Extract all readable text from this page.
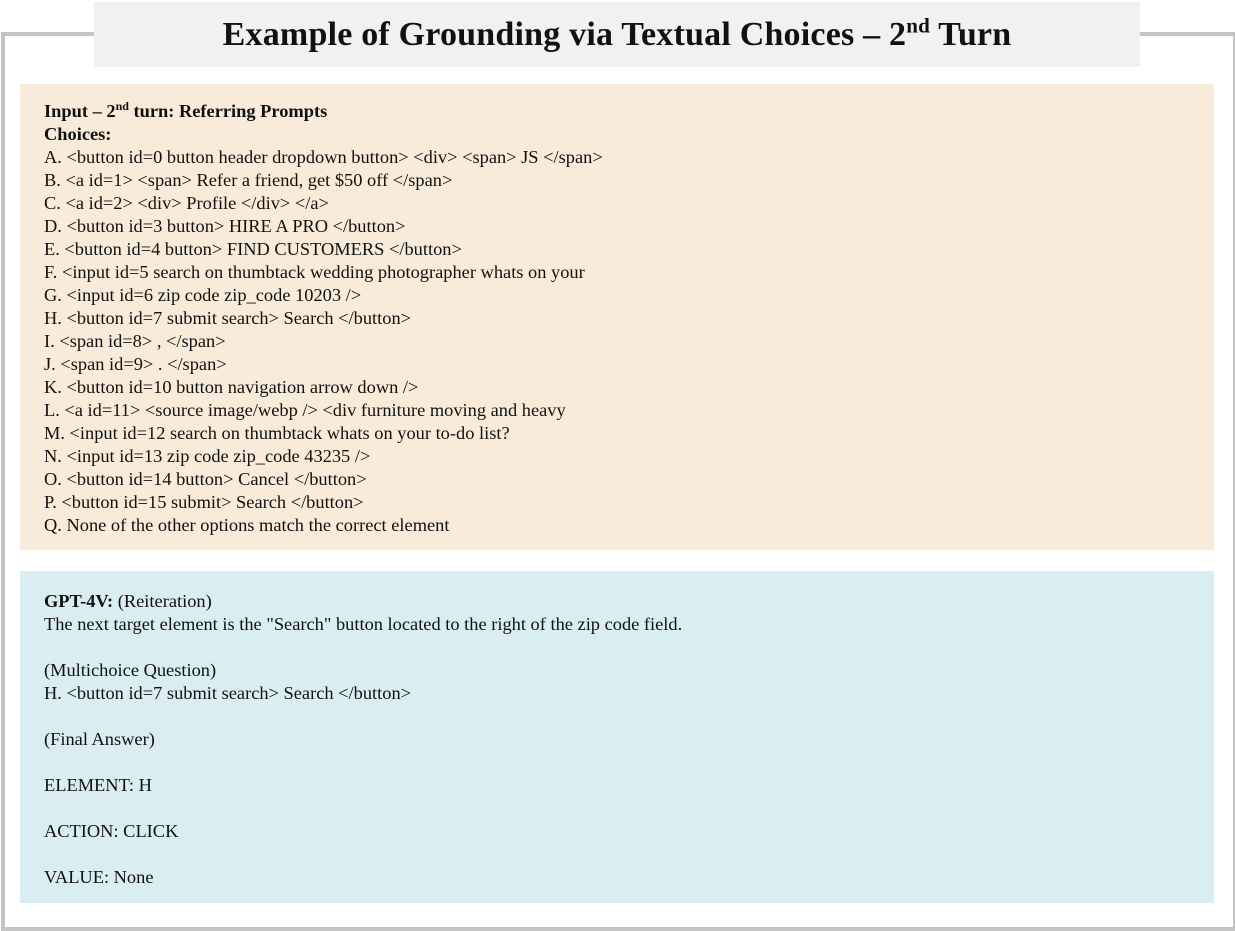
Example of Grounding via Textual Choices – 2nd Turn

Input – 2nd turn: Referring Prompts

Choices:

A. <button id=0 button header dropdown button> <div> <span> JS </span>

B. <a id=1> <span> Refer a friend, get $50 off </span>

C. <a id=2> <div> Profile </div> </a>

D. <button id=3 button> HIRE A PRO </button>

E. <button id=4 button> FIND CUSTOMERS </button>

F. <input id=5 search on thumbtack wedding photographer whats on your

G. <input id=6 zip code zip_code 10203 />

H. <button id=7 submit search> Search </button>

I. <span id=8> , </span>

J. <span id=9> . </span>

K. <button id=10 button navigation arrow down />

L. <a id=11> <source image/webp /> <div furniture moving and heavy

M. <input id=12 search on thumbtack whats on your to-do list?

N. <input id=13 zip code zip_code 43235 />

O. <button id=14 button> Cancel </button>

P. <button id=15 submit> Search </button>

Q. None of the other options match the correct element

GPT-4V: (Reiteration)

The next target element is the "Search" button located to the right of the zip code field.

(Multichoice Question)

H. <button id=7 submit search> Search </button>

(Final Answer)

ELEMENT: H

ACTION: CLICK

VALUE: None
